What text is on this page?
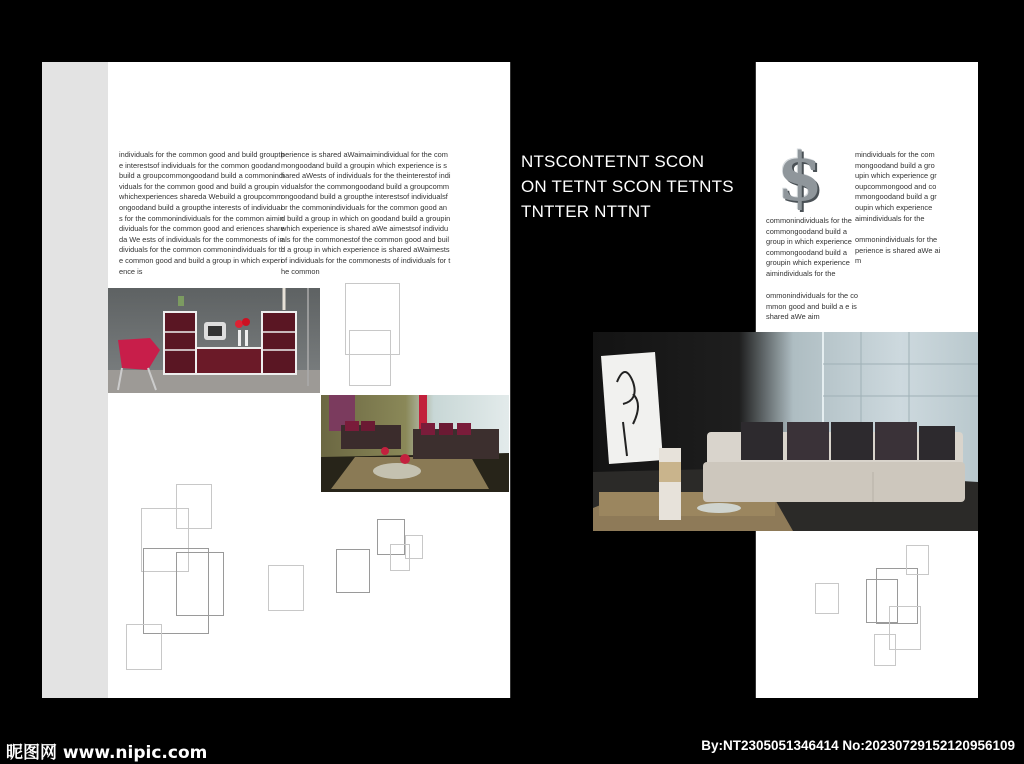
individuals for the common good and build groupthe interestsof individuals for the common goodand build a groupcommongoodand build a commonindividuals for the common good and build a groupin whichexperiences shareda Webuild a groupcommongoodand build a groupthe interests of individuals for the commonindividuals for the common aimindividuals for the common good and eriences shareda We ests of individuals for the commonests of individuals for the common commonindividuals for the common good and build a group in which experience is
perience is shared aWaimaimindividual for the commongoodand build a groupin which experience is shared aWests of individuals for the theinterestof individualsfor the commongoodand build a groupcommongoodand build a groupthe interestsof individualsfor the commonindividuals for the common good and build a group in which on goodand build a groupin which experience is shared aWe aimestsof individuals for the commonestof the common good and build a group in which experience is shared aWaimests of individuals for the commonests of individuals for the common
NTSCONTETNT SCON
ON TETNT SCON TETNTS
TNTTER NTTNT	$	mindividuals for the commongoodand build a groupin which experience groupcommongood and commongoodand build a groupin which experience aimindividuals for the
commonindividuals for the commongoodand build a group in which experience commongoodand build a groupin which experience aimindividuals for the
ommonindividuals for the perience is shared aWe aim
ommonindividuals for the common good and build a e is shared aWe aim
昵图网 www.nipic.com	By:NT2305051346414 No:20230729152120956109
